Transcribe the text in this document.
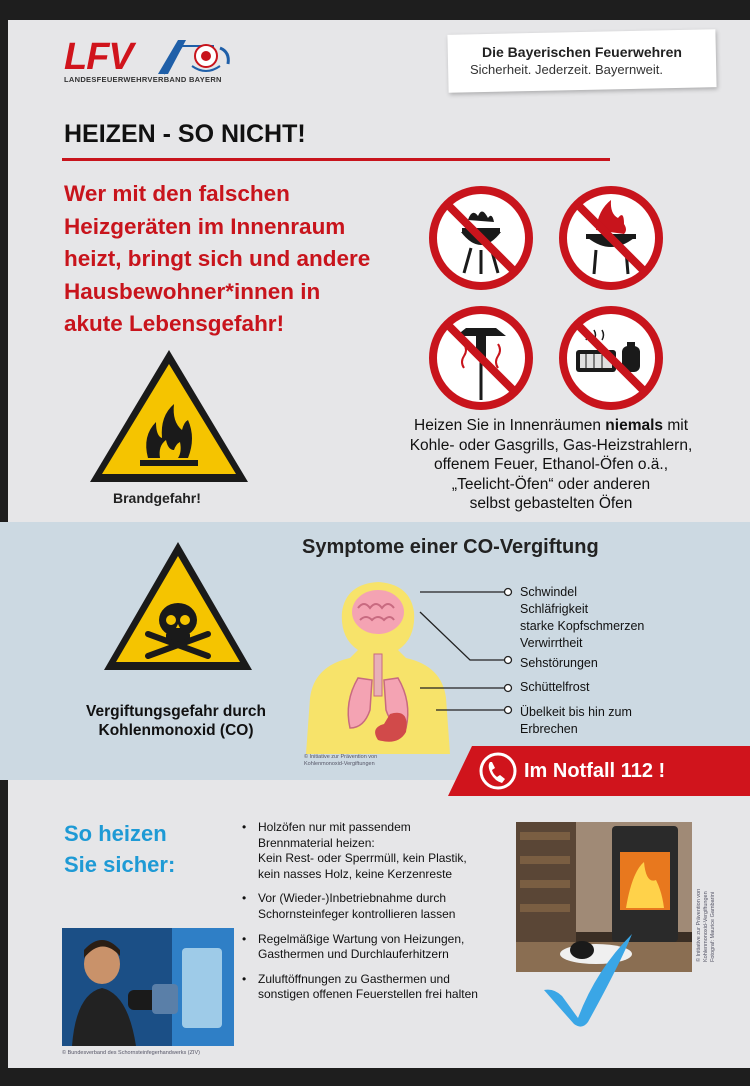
LFV
LANDESFEUERWEHRVERBAND BAYERN
Die Bayerischen Feuerwehren
Sicherheit. Jederzeit. Bayernweit.
HEIZEN - SO NICHT!
Wer mit den falschen
Heizgeräten im Innenraum
heizt, bringt sich und andere
Hausbewohner*innen in
akute Lebensgefahr!
Brandgefahr!
Heizen Sie in Innenräumen niemals mit
Kohle- oder Gasgrills, Gas-Heizstrahlern,
offenem Feuer, Ethanol-Öfen o.ä.,
„Teelicht-Öfen“ oder anderen
selbst gebastelten Öfen
Vergiftungsgefahr durch
Kohlenmonoxid (CO)
Symptome einer CO-Vergiftung
Schwindel
Schläfrigkeit
starke Kopfschmerzen
Verwirrtheit
Sehstörungen
Schüttelfrost
Übelkeit bis hin zum
Erbrechen
© Initiative zur Prävention von
Kohlenmonoxid-Vergiftungen	Im Notfall 112 !
So heizen
Sie sicher:
• Holzöfen nur mit passendem
Brennmaterial heizen:
Kein Rest- oder Sperrmüll, kein Plastik,
kein nasses Holz, keine Kerzenreste
• Vor (Wieder-)Inbetriebnahme durch
Schornsteinfeger kontrollieren lassen
• Regelmäßige Wartung von Heizungen,
Gasthermen und Durchlauferhitzern
• Zuluftöffnungen zu Gasthermen und
sonstigen offenen Feuerstellen frei halten
© Initiative zur Prävention von Kohlenmonoxid-Vergiftungen Fotograf: Maurice Gambarini
© Bundesverband des Schornsteinfegerhandwerks (ZIV)
